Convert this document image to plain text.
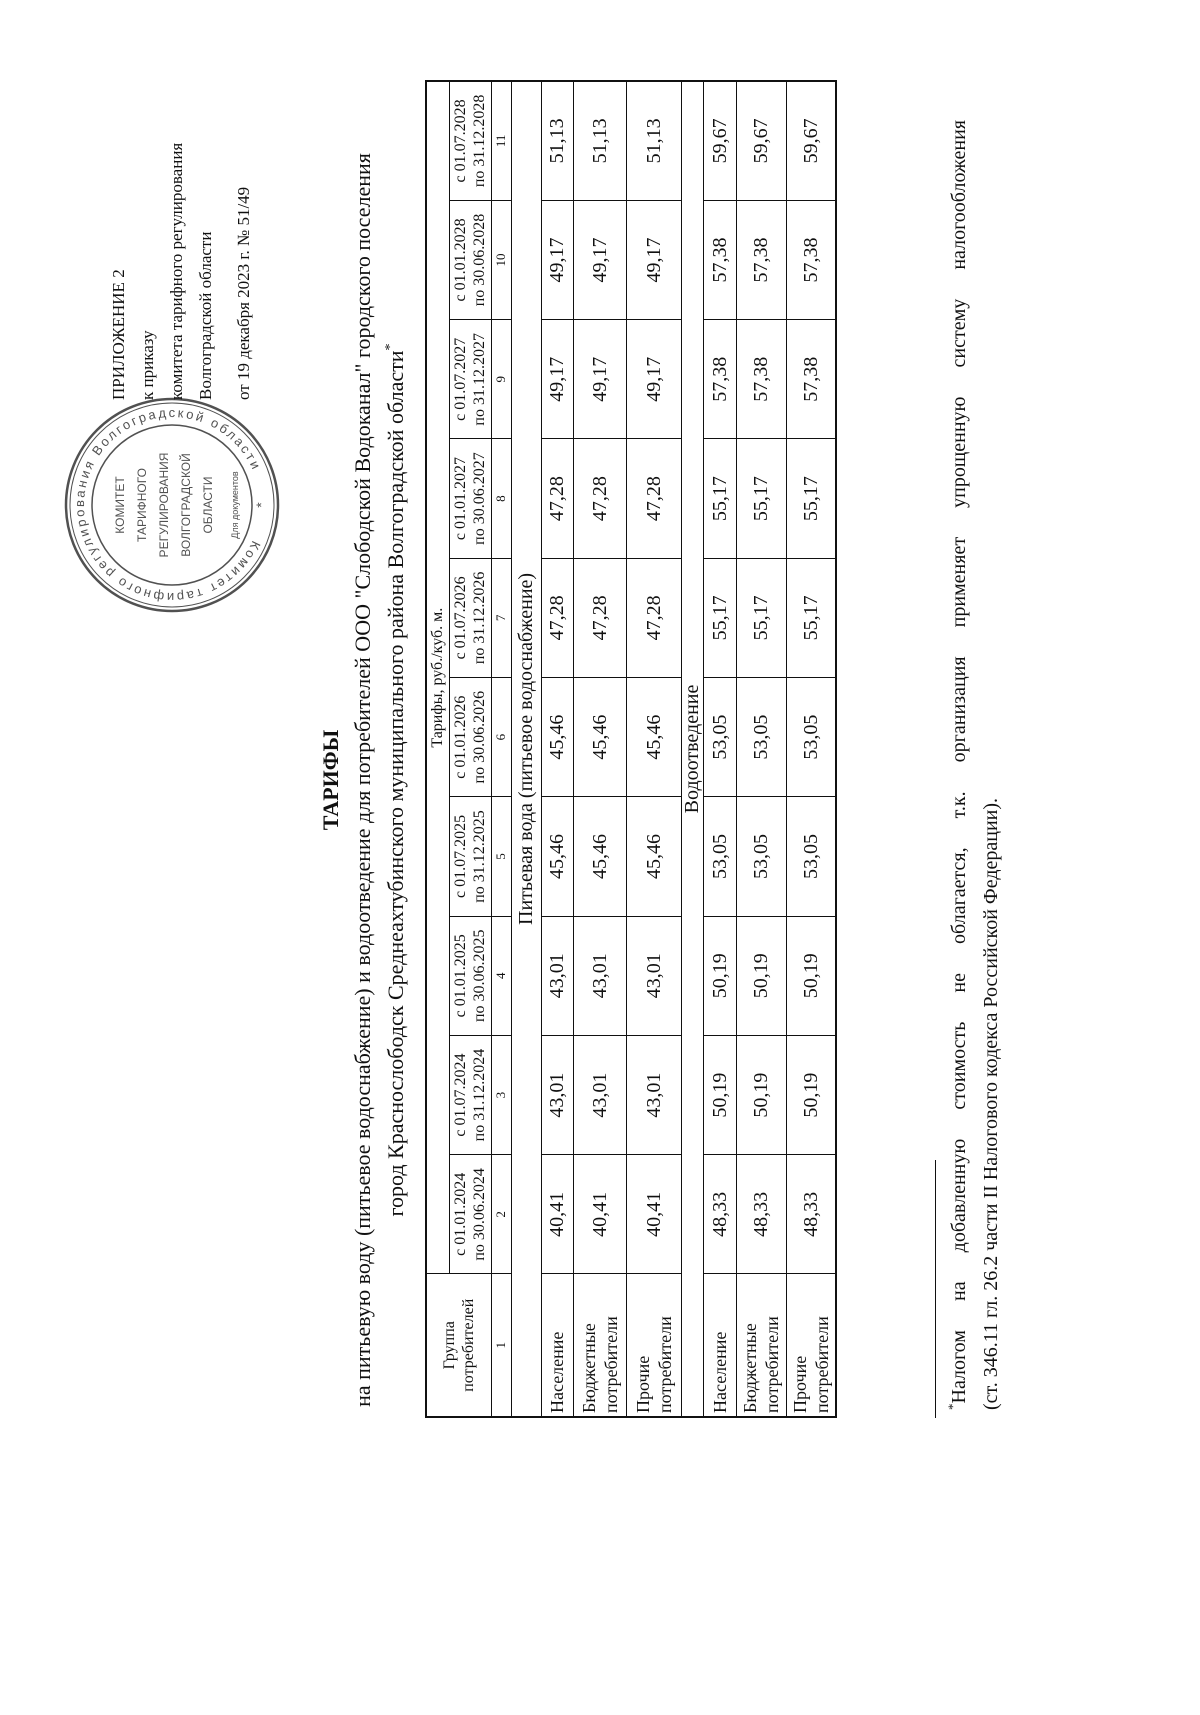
Комитет тарифного регулирования Волгоградской области
*
КОМИТЕТ ТАРИФНОГО РЕГУЛИРОВАНИЯ ВОЛГОГРАДСКОЙ ОБЛАСТИ Для документов
ПРИЛОЖЕНИЕ 2 к приказу комитета тарифного регулирования Волгоградской области от 19 декабря 2023 г. № 51/49
ТАРИФЫ на питьевую воду (питьевое водоснабжение) и водоотведение для потребителей ООО "Слободской Водоканал" городского поселения город Краснослободск Среднеахтубинского муниципального района Волгоградской области*
Группа потребителей	Тарифы, руб./куб. м.									

	с 01.01.2024 по 30.06.2024	с 01.07.2024 по 31.12.2024	с 01.01.2025 по 30.06.2025	с 01.07.2025 по 31.12.2025	с 01.01.2026 по 30.06.2026	с 01.07.2026 по 31.12.2026	с 01.01.2027 по 30.06.2027	с 01.07.2027 по 31.12.2027	с 01.01.2028 по 30.06.2028	с 01.07.2028 по 31.12.2028

1	2	3	4	5	6	7	8	9	10	11
Питьевая вода (питьевое водоснабжение)										
Население	40,41	43,01	43,01	45,46	45,46	47,28	47,28	49,17	49,17	51,13
Бюджетные потребители	40,41	43,01	43,01	45,46	45,46	47,28	47,28	49,17	49,17	51,13
Прочие потребители	40,41	43,01	43,01	45,46	45,46	47,28	47,28	49,17	49,17	51,13
Водоотведение										
Население	48,33	50,19	50,19	53,05	53,05	55,17	55,17	57,38	57,38	59,67
Бюджетные потребители	48,33	50,19	50,19	53,05	53,05	55,17	55,17	57,38	57,38	59,67
Прочие потребители	48,33	50,19	50,19	53,05	53,05	55,17	55,17	57,38	57,38	59,67
*Налогом на добавленную стоимость не облагается, т.к. организация применяет упрощенную систему налогообложения (ст. 346.11 гл. 26.2 части II Налогового кодекса Российской Федерации).
